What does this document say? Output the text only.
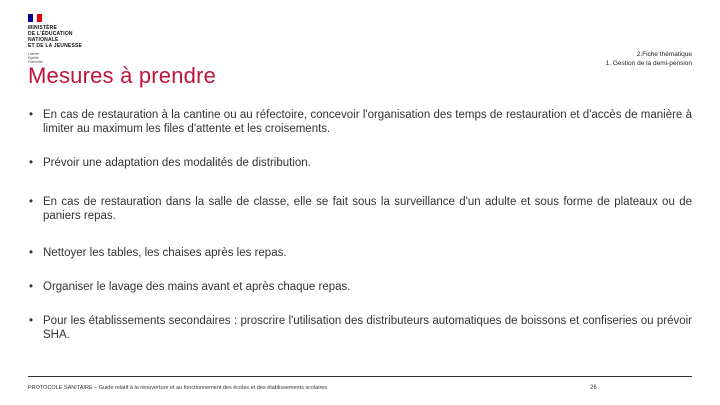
MINISTÈRE
DE L'ÉDUCATION
NATIONALE
ET DE LA JEUNESSE
Liberté
Égalité
Fraternité
2.Fiche thématique
1. Gestion de la demi-pension
Mesures à prendre
• En cas de restauration à la cantine ou au réfectoire, concevoir l'organisation des temps de restauration et d'accès de manière à limiter au maximum les files d'attente et les croisements.
• Prévoir une adaptation des modalités de distribution.
• En cas de restauration dans la salle de classe, elle se fait sous la surveillance d'un adulte et sous forme de plateaux ou de paniers repas.
• Nettoyer les tables, les chaises après les repas.
• Organiser le lavage des mains avant et après chaque repas.
• Pour les établissements secondaires : proscrire l'utilisation des distributeurs automatiques de boissons et confiseries ou prévoir SHA.
PROTOCOLE SANITAIRE – Guide relatif à la réouverture et au fonctionnement des écoles et des établissements scolaires	26
